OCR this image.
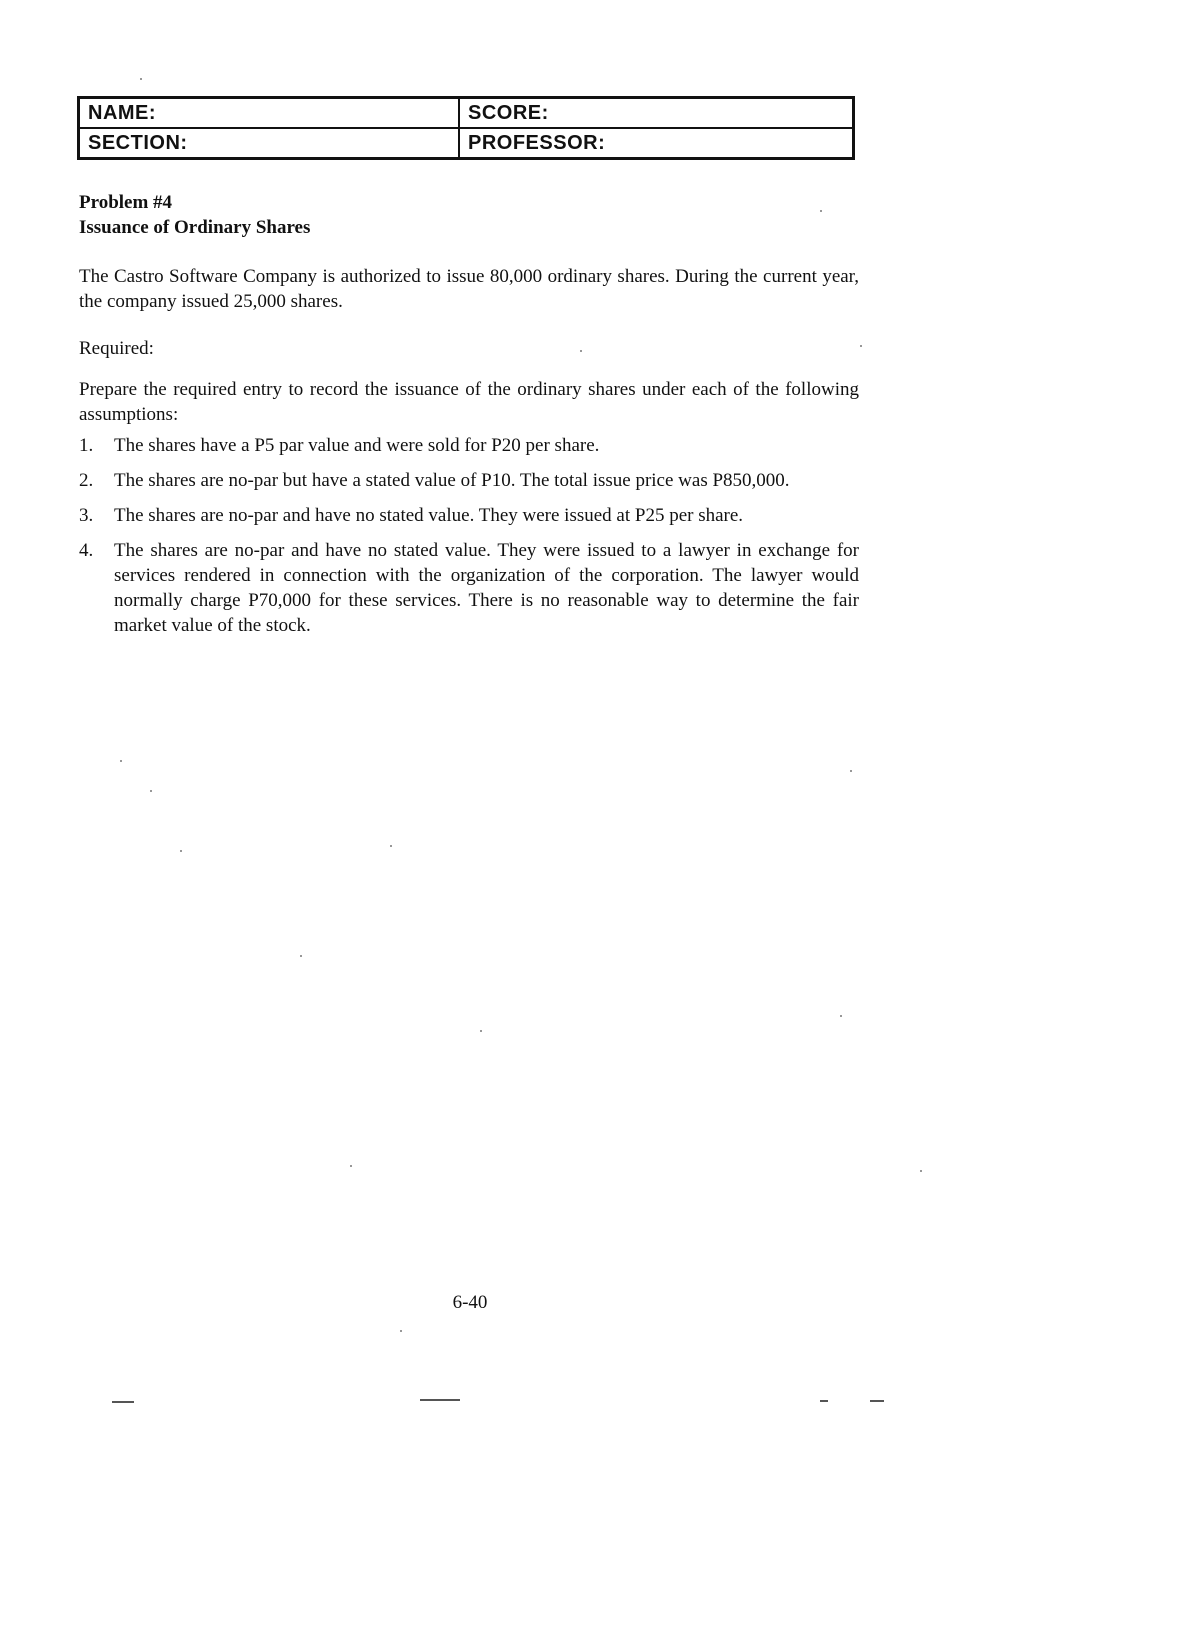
NAME:	SCORE:
SECTION:	PROFESSOR:

Problem #4

Issuance of Ordinary Shares

The Castro Software Company is authorized to issue 80,000 ordinary shares. During the current year, the company issued 25,000 shares.

Required:

Prepare the required entry to record the issuance of the ordinary shares under each of the following assumptions:

1.	The shares have a P5 par value and were sold for P20 per share.
2.	The shares are no-par but have a stated value of P10. The total issue price was P850,000.
3.	The shares are no-par and have no stated value. They were issued at P25 per share.
4.	The shares are no-par and have no stated value. They were issued to a lawyer in exchange for services rendered in connection with the organization of the corporation. The lawyer would normally charge P70,000 for these services. There is no reasonable way to determine the fair market value of the stock.
6-40
